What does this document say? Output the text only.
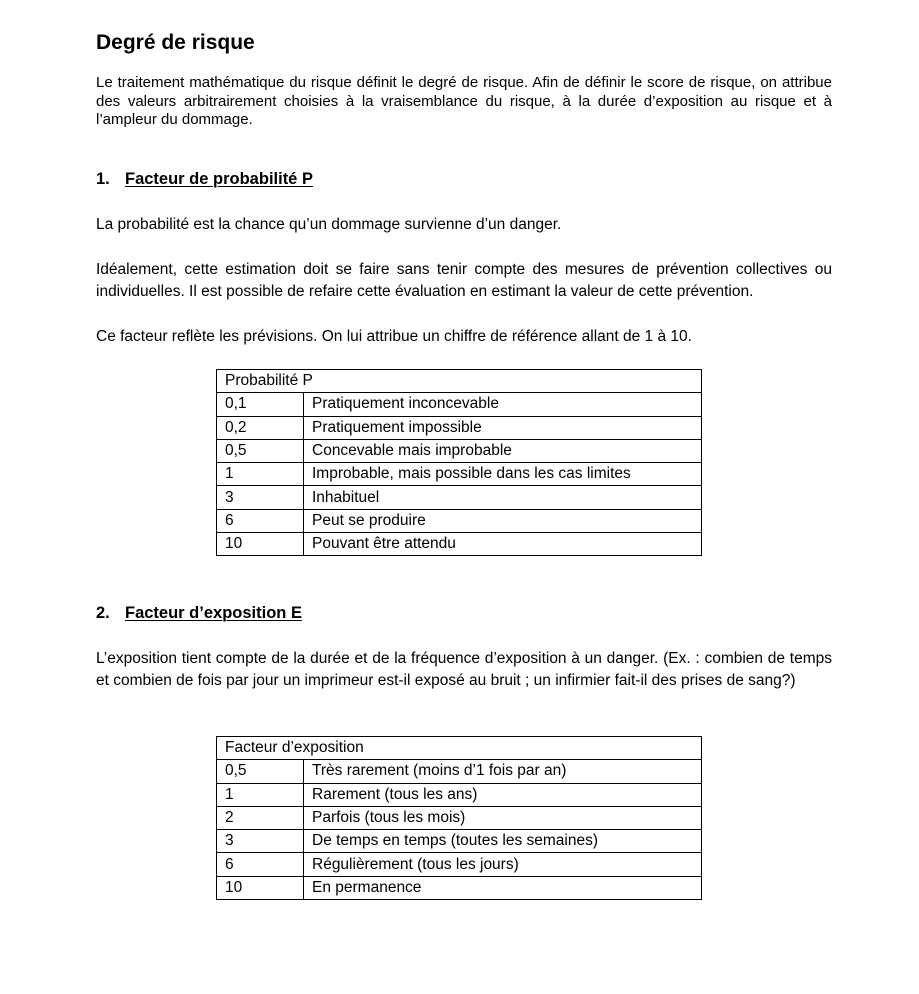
Degré de risque

Le traitement mathématique du risque définit le degré de risque. Afin de définir le score de risque, on attribue des valeurs arbitrairement choisies à la vraisemblance du risque, à la durée d’exposition au risque et à l’ampleur du dommage.

1. Facteur de probabilité P

La probabilité est la chance qu’un dommage survienne d’un danger.

Idéalement, cette estimation doit se faire sans tenir compte des mesures de prévention collectives ou individuelles. Il est possible de refaire cette évaluation en estimant la valeur de cette prévention.

Ce facteur reflète les prévisions. On lui attribue un chiffre de référence allant de 1 à 10.

Probabilité P	
0,1	Pratiquement inconcevable
0,2	Pratiquement impossible
0,5	Concevable mais improbable
1	Improbable, mais possible dans les cas limites
3	Inhabituel
6	Peut se produire
10	Pouvant être attendu
2. Facteur d’exposition E

L’exposition tient compte de la durée et de la fréquence d’exposition à un danger. (Ex. : combien de temps et combien de fois par jour un imprimeur est-il exposé au bruit ; un infirmier fait-il des prises de sang?)

Facteur d’exposition	
0,5	Très rarement (moins d’1 fois par an)
1	Rarement (tous les ans)
2	Parfois (tous les mois)
3	De temps en temps (toutes les semaines)
6	Régulièrement (tous les jours)
10	En permanence
